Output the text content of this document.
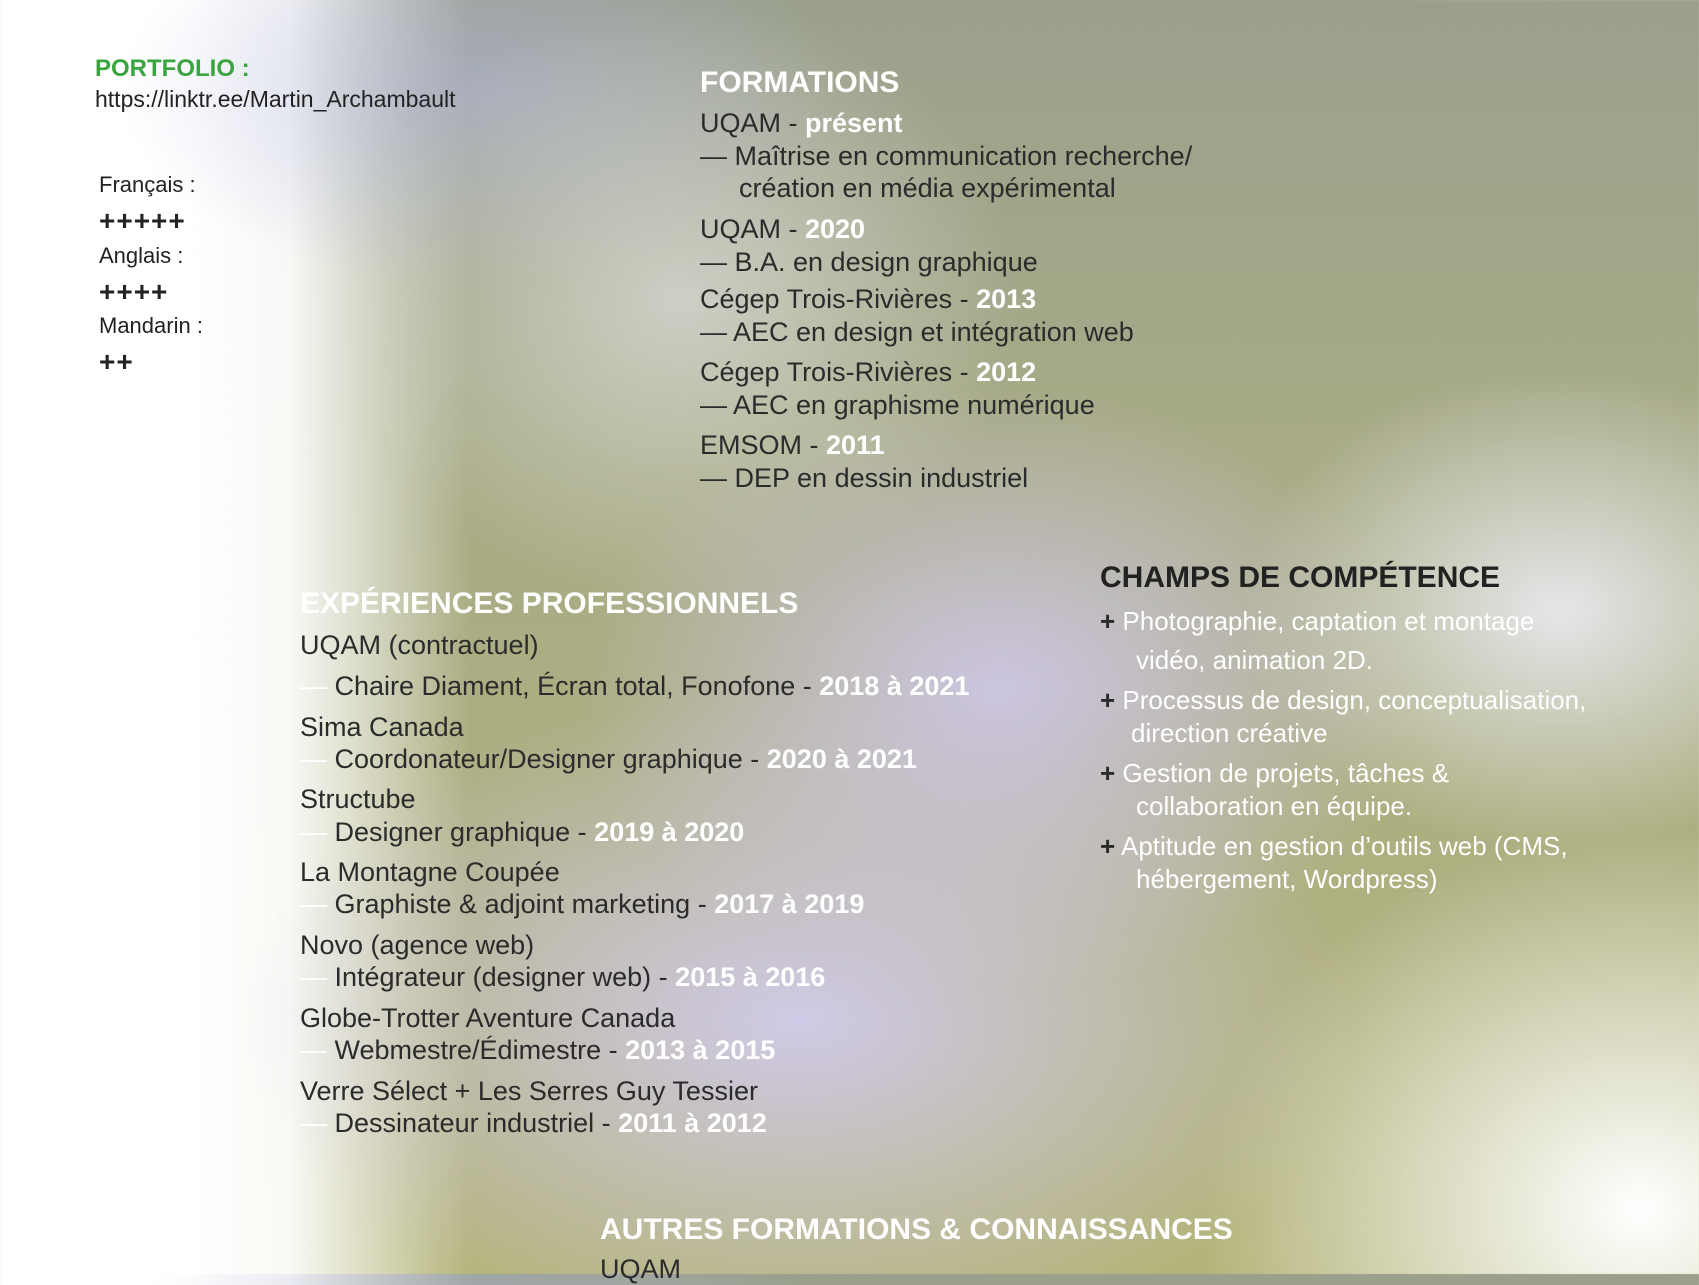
PORTFOLIO :
https://linktr.ee/Martin_Archambault
Français :
+++++
Anglais :
++++
Mandarin :
++
FORMATIONS
UQAM - présent
— Maîtrise en communication recherche/
création en média expérimental
UQAM - 2020
— B.A. en design graphique
Cégep Trois-Rivières - 2013
— AEC en design et intégration web
Cégep Trois-Rivières - 2012
— AEC en graphisme numérique
EMSOM - 2011
— DEP en dessin industriel
EXPÉRIENCES PROFESSIONNELS
UQAM (contractuel)
— Chaire Diament, Écran total, Fonofone - 2018 à 2021
Sima Canada
— Coordonateur/Designer graphique - 2020 à 2021
Structube
— Designer graphique - 2019 à 2020
La Montagne Coupée
— Graphiste & adjoint marketing - 2017 à 2019
Novo (agence web)
— Intégrateur (designer web) - 2015 à 2016
Globe-Trotter Aventure Canada
— Webmestre/Édimestre - 2013 à 2015
Verre Sélect + Les Serres Guy Tessier
— Dessinateur industriel - 2011 à 2012
CHAMPS DE COMPÉTENCE
+ Photographie, captation et montage
vidéo, animation 2D.
+ Processus de design, conceptualisation,
direction créative
+ Gestion de projets, tâches &
collaboration en équipe.
+ Aptitude en gestion d’outils web (CMS,
hébergement, Wordpress)
AUTRES FORMATIONS & CONNAISSANCES
UQAM
